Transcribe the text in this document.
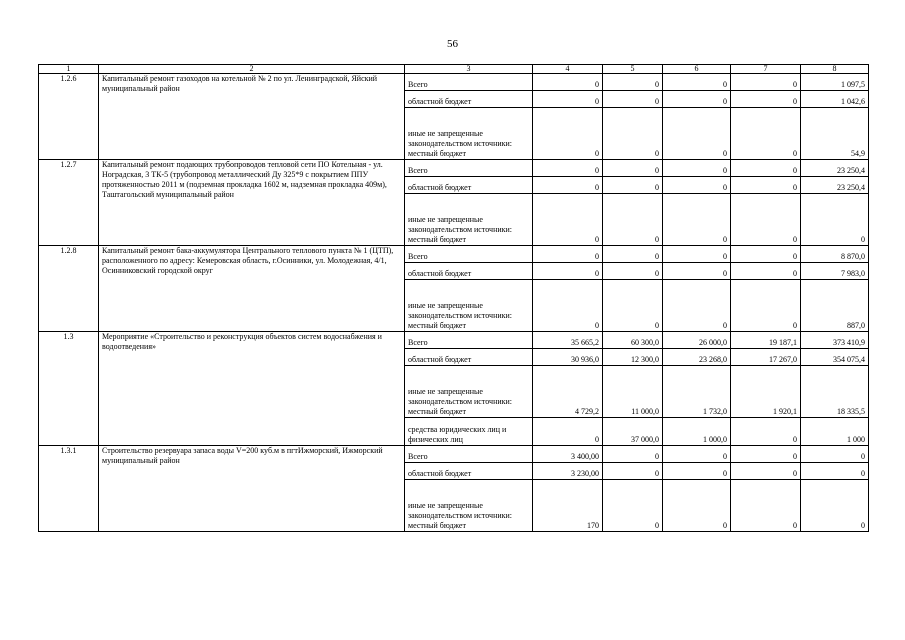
56
1	2	3	4	5	6	7	8
1.2.6	Капитальный ремонт газоходов на котельной № 2 по ул. Ленинградской, Яйский муниципальный район	Всего	0	0	0	0	1 097,5
		областной бюджет	0	0	0	0	1 042,6
		иные не запрещенные законодательством источники:
местный бюджет	0	0	0	0	54,9
1.2.7	Капитальный ремонт подающих трубопроводов тепловой сети ПО Котельная - ул. Ноградская, 3 ТК-5 (трубопровод металлический Ду 325*9 с покрытием ППУ протяженностью 2011 м (подземная прокладка 1602 м, надземная прокладка 409м), Таштагольский муниципальный район	Всего	0	0	0	0	23 250,4
		областной бюджет	0	0	0	0	23 250,4
		иные не запрещенные законодательством источники:
местный бюджет	0	0	0	0	0
1.2.8	Капитальный ремонт бака-аккумулятора Центрального теплового пункта № 1 (ЦТП), расположенного по адресу: Кемеровская область, г.Осинники, ул. Молодежная, 4/1, Осинниковский городской округ	Всего	0	0	0	0	8 870,0
		областной бюджет	0	0	0	0	7 983,0
		иные не запрещенные законодательством источники:
местный бюджет	0	0	0	0	887,0
1.3	Мероприятие «Строительство и реконструкция объектов систем водоснабжения и водоотведения»	Всего	35 665,2	60 300,0	26 000,0	19 187,1	373 410,9
		областной бюджет	30 936,0	12 300,0	23 268,0	17 267,0	354 075,4
		иные не запрещенные законодательством источники:
местный бюджет	4 729,2	11 000,0	1 732,0	1 920,1	18 335,5
		средства юридических лиц и физических лиц	0	37 000,0	1 000,0	0	1 000
1.3.1	Строительство резервуара запаса воды V=200 куб.м в пгтИжморский, Ижморский муниципальный район	Всего	3 400,00	0	0	0	0
		областной бюджет	3 230,00	0	0	0	0
		иные не запрещенные законодательством источники:
местный бюджет	170	0	0	0	0
